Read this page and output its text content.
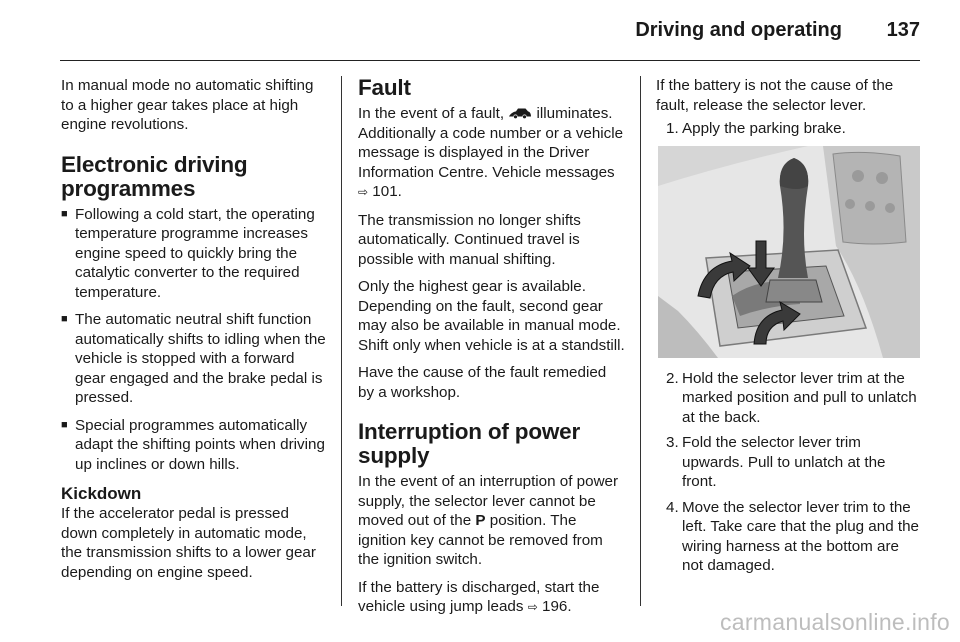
Driving and operating 137

In manual mode no automatic shifting to a higher gear takes place at high engine revolutions.

Electronic driving programmes
■ Following a cold start, the operating temperature programme increases engine speed to quickly bring the catalytic converter to the required temperature.
■ The automatic neutral shift function automatically shifts to idling when the vehicle is stopped with a forward gear engaged and the brake pedal is pressed.
■ Special programmes automatically adapt the shifting points when driving up inclines or down hills.
Kickdown

If the accelerator pedal is pressed down completely in automatic mode, the transmission shifts to a lower gear depending on engine speed.

Fault

In the event of a fault, illuminates. Additionally a code number or a vehicle message is displayed in the Driver Information Centre. Vehicle messages ⇨ 101.

The transmission no longer shifts automatically. Continued travel is possible with manual shifting.

Only the highest gear is available. Depending on the fault, second gear may also be available in manual mode. Shift only when vehicle is at a standstill.

Have the cause of the fault remedied by a workshop.

Interruption of power supply

In the event of an interruption of power supply, the selector lever cannot be moved out of the P position. The ignition key cannot be removed from the ignition switch.

If the battery is discharged, start the vehicle using jump leads ⇨ 196.

If the battery is not the cause of the fault, release the selector lever.

1. Apply the parking brake.
2. Hold the selector lever trim at the marked position and pull to unlatch at the back.
3. Fold the selector lever trim upwards. Pull to unlatch at the front.
4. Move the selector lever trim to the left. Take care that the plug and the wiring harness at the bottom are not damaged.
carmanualsonline.info
